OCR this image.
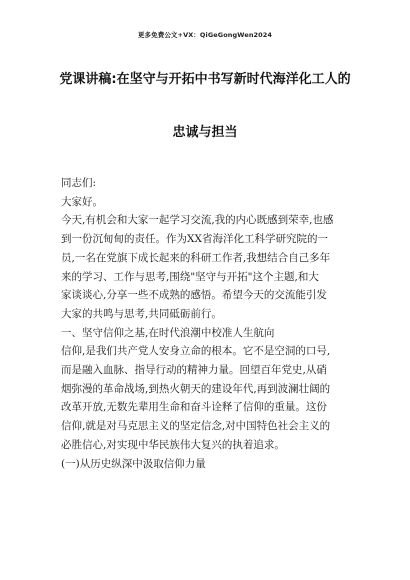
更多免费公文+VX：QiGeGongWen2024
党课讲稿:在坚守与开拓中书写新时代海洋化工人的
忠诚与担当
同志们:
大家好。
今天,有机会和大家一起学习交流,我的内心既感到荣幸,也感
到一份沉甸甸的责任。作为XX省海洋化工科学研究院的一
员,一名在党旗下成长起来的科研工作者,我想结合自己多年
来的学习、工作与思考,围绕"坚守与开拓"这个主题,和大
家谈谈心,分享一些不成熟的感悟。希望今天的交流能引发
大家的共鸣与思考,共同砥砺前行。
一、坚守信仰之基,在时代浪潮中校准人生航向
信仰,是我们共产党人安身立命的根本。它不是空洞的口号,
而是融入血脉、指导行动的精神力量。回望百年党史,从硝
烟弥漫的革命战场,到热火朝天的建设年代,再到波澜壮阔的
改革开放,无数先辈用生命和奋斗诠释了信仰的重量。这份
信仰,就是对马克思主义的坚定信念,对中国特色社会主义的
必胜信心,对实现中华民族伟大复兴的执着追求。
(一)从历史纵深中汲取信仰力量
